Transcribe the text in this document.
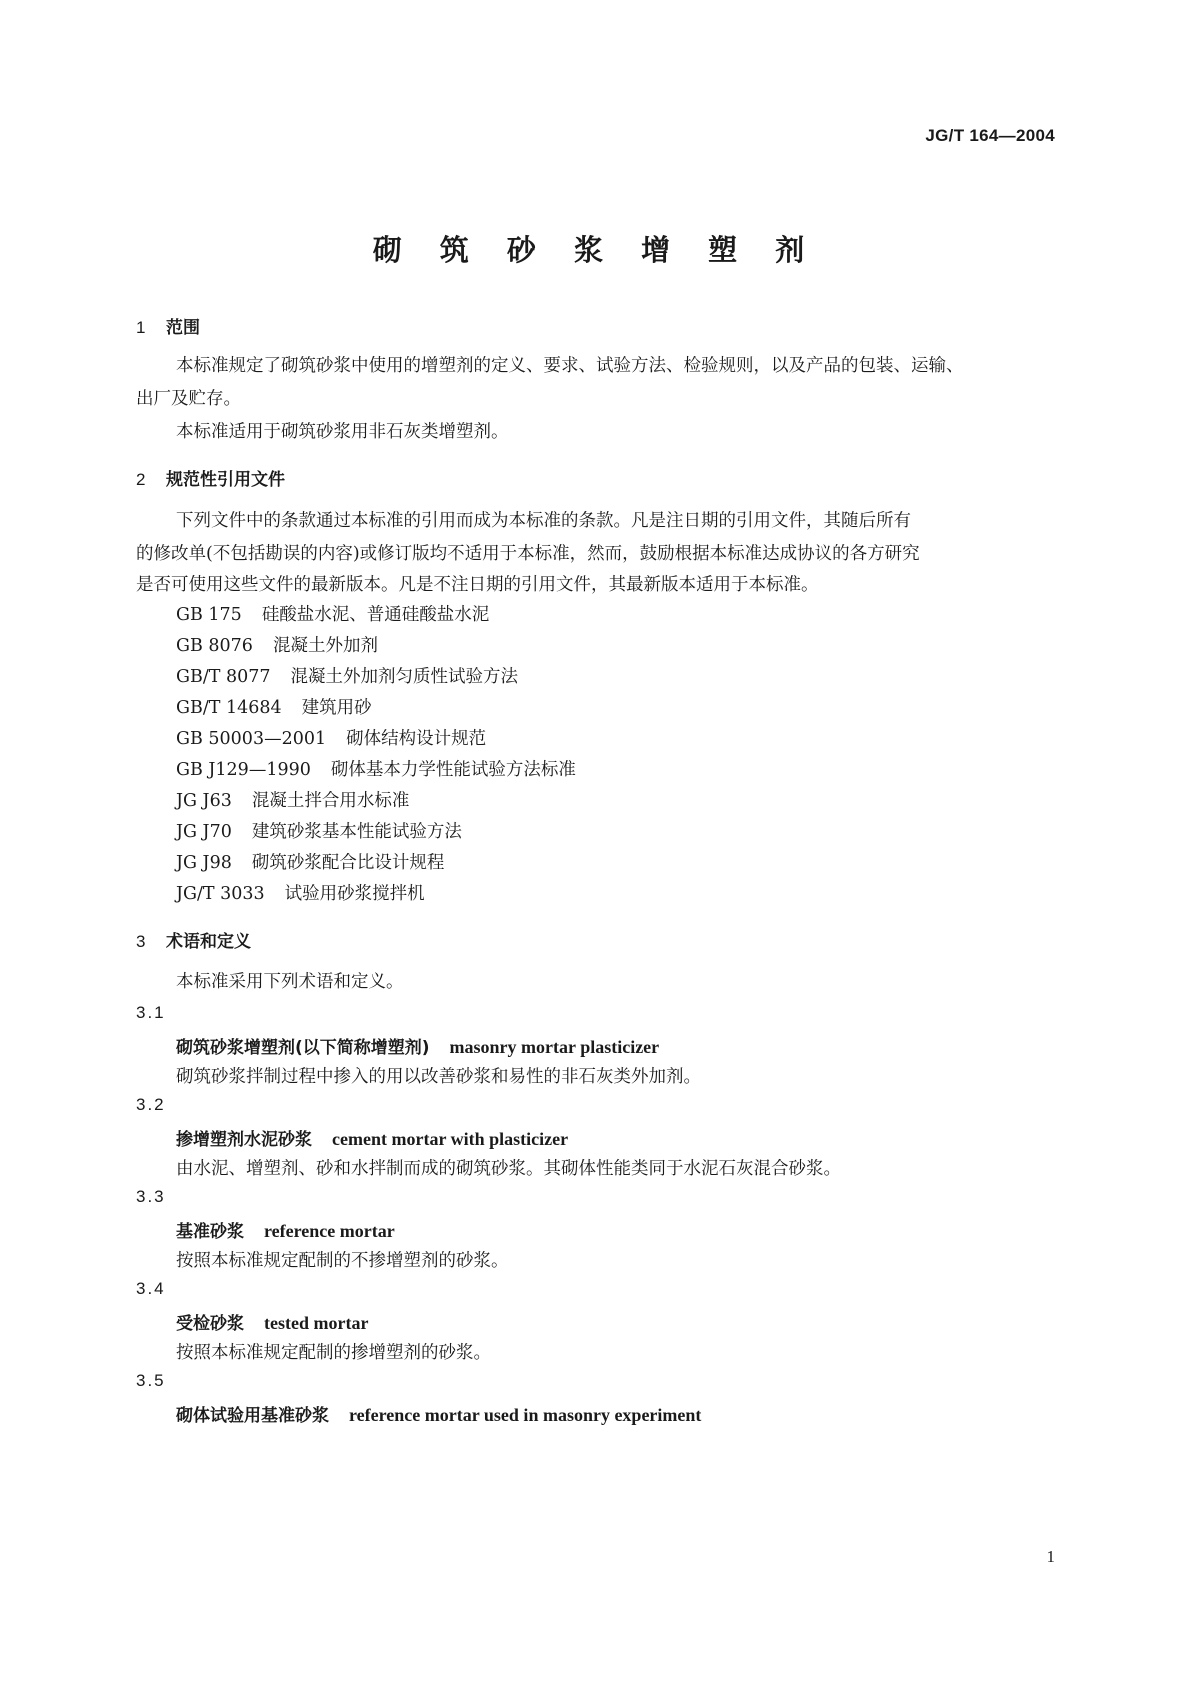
JG/T 164—2004
砌 筑 砂 浆 增 塑 剂
1 范围
本标准规定了砌筑砂浆中使用的增塑剂的定义、要求、试验方法、检验规则，以及产品的包装、运输、
出厂及贮存。
本标准适用于砌筑砂浆用非石灰类增塑剂。
2 规范性引用文件
下列文件中的条款通过本标准的引用而成为本标准的条款。凡是注日期的引用文件，其随后所有
的修改单(不包括勘误的内容)或修订版均不适用于本标准，然而，鼓励根据本标准达成协议的各方研究
是否可使用这些文件的最新版本。凡是不注日期的引用文件，其最新版本适用于本标准。
GB 175 硅酸盐水泥、普通硅酸盐水泥
GB 8076 混凝土外加剂
GB/T 8077 混凝土外加剂匀质性试验方法
GB/T 14684 建筑用砂
GB 50003—2001 砌体结构设计规范
GB J129—1990 砌体基本力学性能试验方法标准
JG J63 混凝土拌合用水标准
JG J70 建筑砂浆基本性能试验方法
JG J98 砌筑砂浆配合比设计规程
JG/T 3033 试验用砂浆搅拌机
3 术语和定义
本标准采用下列术语和定义。
3.1
砌筑砂浆增塑剂(以下简称增塑剂) masonry mortar plasticizer
砌筑砂浆拌制过程中掺入的用以改善砂浆和易性的非石灰类外加剂。
3.2
掺增塑剂水泥砂浆 cement mortar with plasticizer
由水泥、增塑剂、砂和水拌制而成的砌筑砂浆。其砌体性能类同于水泥石灰混合砂浆。
3.3
基准砂浆 reference mortar
按照本标准规定配制的不掺增塑剂的砂浆。
3.4
受检砂浆 tested mortar
按照本标准规定配制的掺增塑剂的砂浆。
3.5
砌体试验用基准砂浆 reference mortar used in masonry experiment
1
